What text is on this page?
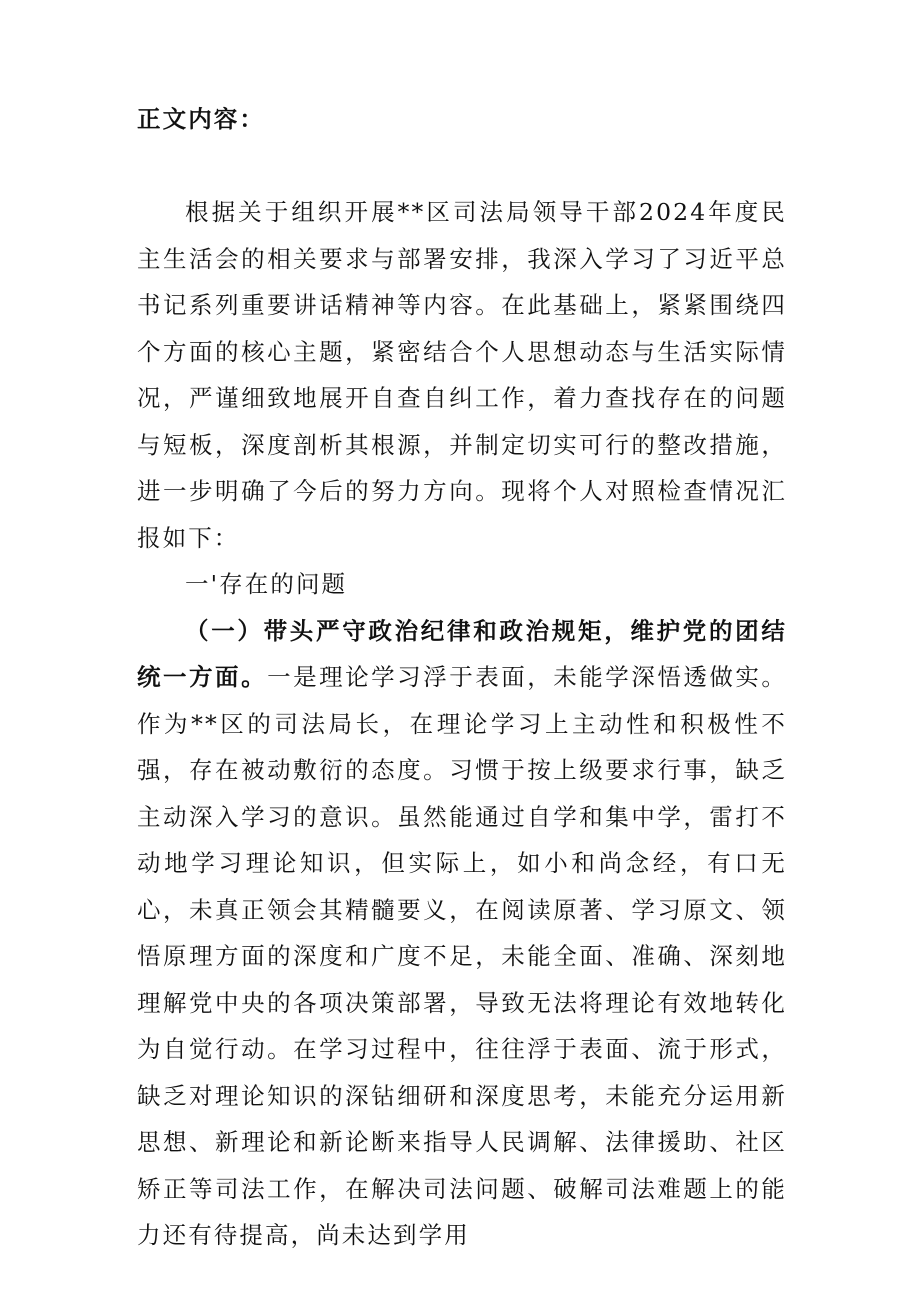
正文内容：

根据关于组织开展**区司法局领导干部2024年度民主生活会的相关要求与部署安排，我深入学习了习近平总书记系列重要讲话精神等内容。在此基础上，紧紧围绕四个方面的核心主题，紧密结合个人思想动态与生活实际情况，严谨细致地展开自查自纠工作，着力查找存在的问题与短板，深度剖析其根源，并制定切实可行的整改措施，进一步明确了今后的努力方向。现将个人对照检查情况汇报如下：

一'存在的问题

（一）带头严守政治纪律和政治规矩，维护党的团结统一方面。一是理论学习浮于表面，未能学深悟透做实。作为**区的司法局长，在理论学习上主动性和积极性不强，存在被动敷衍的态度。习惯于按上级要求行事，缺乏主动深入学习的意识。虽然能通过自学和集中学，雷打不动地学习理论知识，但实际上，如小和尚念经，有口无心，未真正领会其精髓要义，在阅读原著、学习原文、领悟原理方面的深度和广度不足，未能全面、准确、深刻地理解党中央的各项决策部署，导致无法将理论有效地转化为自觉行动。在学习过程中，往往浮于表面、流于形式，缺乏对理论知识的深钻细研和深度思考，未能充分运用新思想、新理论和新论断来指导人民调解、法律援助、社区矫正等司法工作，在解决司法问题、破解司法难题上的能力还有待提高，尚未达到学用
